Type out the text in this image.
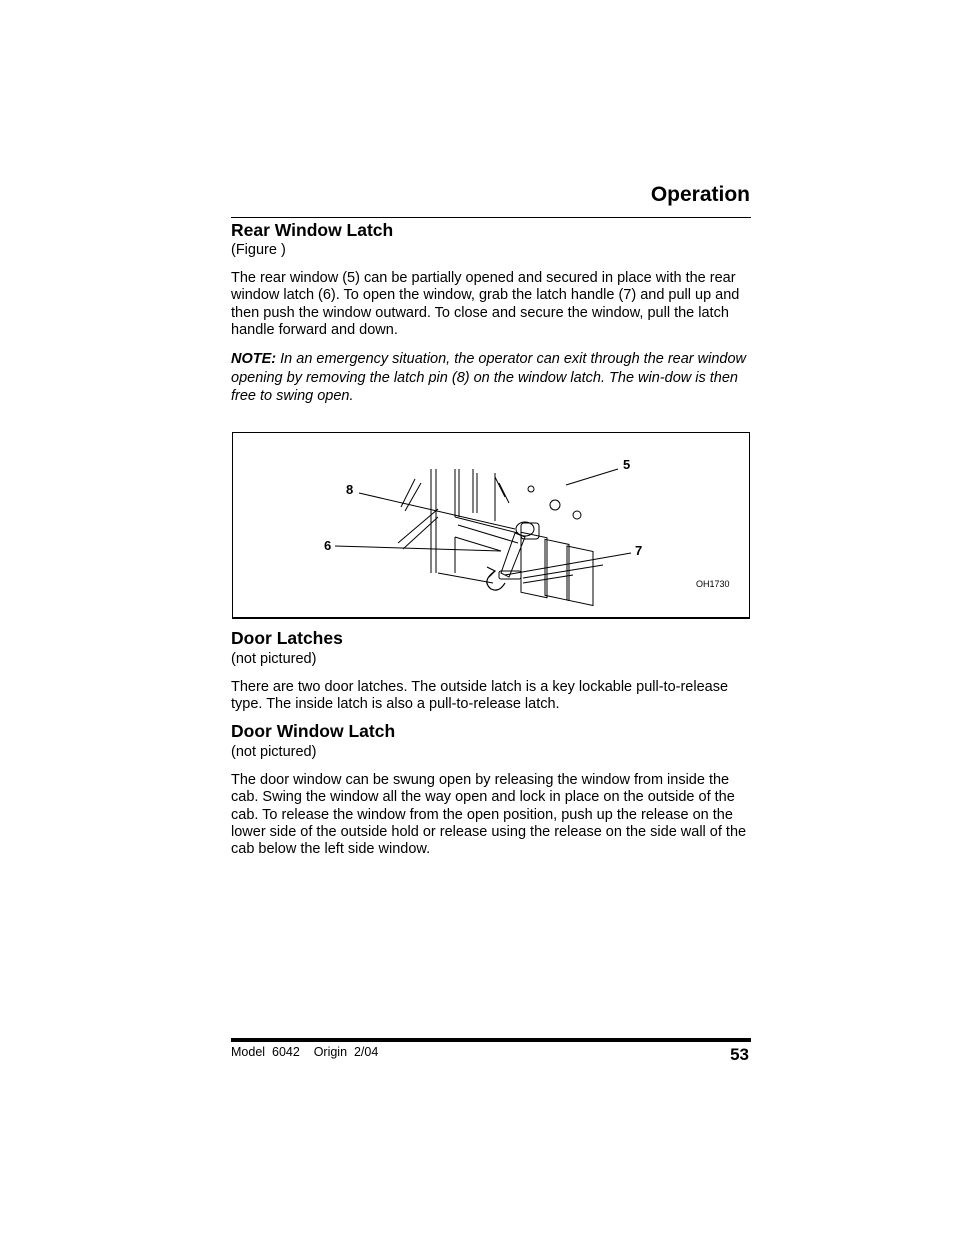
Operation
Rear Window Latch
(Figure )
The rear window (5) can be partially opened and secured in place with the rear window latch (6). To open the window, grab the latch handle (7) and pull up and then push the window outward. To close and secure the window, pull the latch handle forward and down.
NOTE: In an emergency situation, the operator can exit through the rear window opening by removing the latch pin (8) on the window latch. The win-dow is then free to swing open.
5
8
6	7
OH1730
Door Latches
(not pictured)
There are two door latches. The outside latch is a key lockable pull-to-release type. The inside latch is also a pull-to-release latch.
Door Window Latch
(not pictured)
The door window can be swung open by releasing the window from inside the cab. Swing the window all the way open and lock in place on the outside of the cab. To release the window from the open position, push up the release on the lower side of the outside hold or release using the release on the side wall of the cab below the left side window.
Model  6042    Origin  2/04	53
